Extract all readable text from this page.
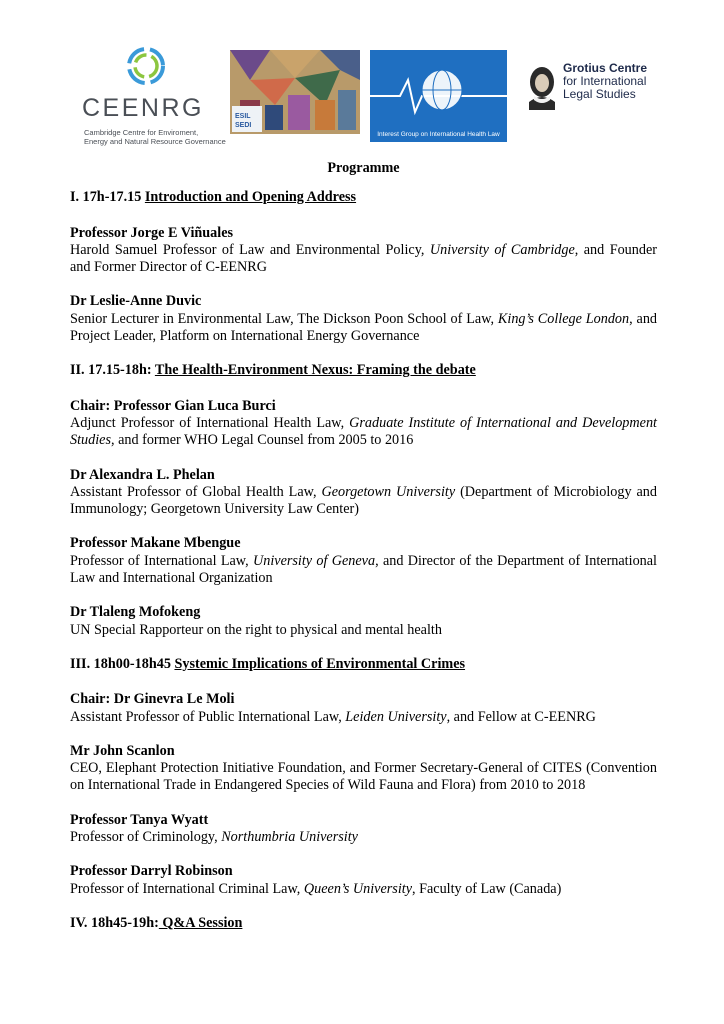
CEENRG
Cambridge Centre for Enviroment,
Energy and Natural Resource Governance
ESIL
SEDI
Interest Group on International Health Law
Grotius Centre
for International
Legal Studies
Programme
I. 17h-17.15 Introduction and Opening Address
Professor Jorge E Viñuales
Harold Samuel Professor of Law and Environmental Policy, University of Cambridge, and Founder and Former Director of C-EENRG
Dr Leslie-Anne Duvic
Senior Lecturer in Environmental Law, The Dickson Poon School of Law, King’s College London, and Project Leader, Platform on International Energy Governance
II. 17.15-18h: The Health-Environment Nexus: Framing the debate
Chair: Professor Gian Luca Burci
Adjunct Professor of International Health Law, Graduate Institute of International and Development Studies, and former WHO Legal Counsel from 2005 to 2016
Dr Alexandra L. Phelan
Assistant Professor of Global Health Law, Georgetown University (Department of Microbiology and Immunology; Georgetown University Law Center)
Professor Makane Mbengue
Professor of International Law, University of Geneva, and Director of the Department of International Law and International Organization
Dr Tlaleng Mofokeng
UN Special Rapporteur on the right to physical and mental health
III. 18h00-18h45 Systemic Implications of Environmental Crimes
Chair: Dr Ginevra Le Moli
Assistant Professor of Public International Law, Leiden University, and Fellow at C-EENRG
Mr John Scanlon
CEO, Elephant Protection Initiative Foundation, and Former Secretary-General of CITES (Convention on International Trade in Endangered Species of Wild Fauna and Flora) from 2010 to 2018
Professor Tanya Wyatt
Professor of Criminology, Northumbria University
Professor Darryl Robinson
Professor of International Criminal Law, Queen’s University, Faculty of Law (Canada)
IV. 18h45-19h: Q&A Session
